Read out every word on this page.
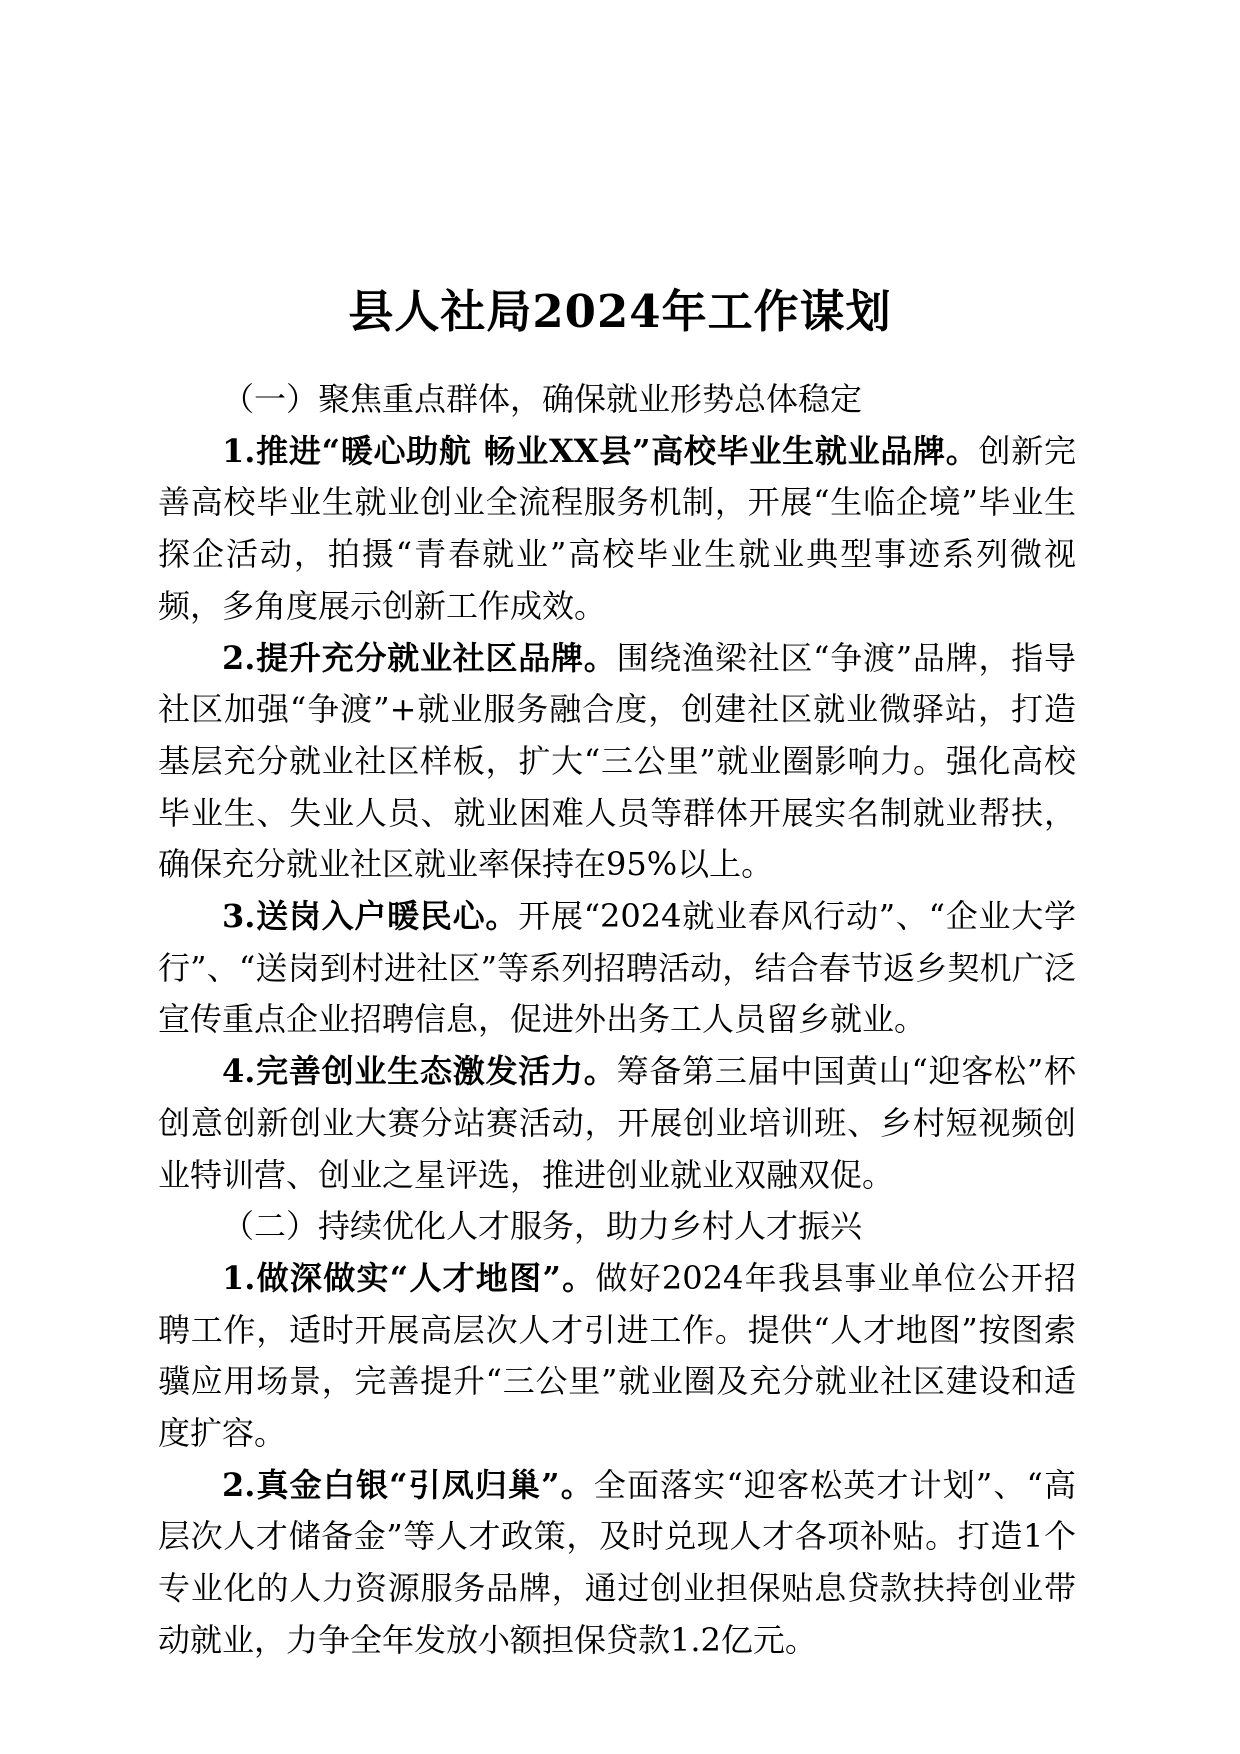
县人社局2024年工作谋划

（一）聚焦重点群体，确保就业形势总体稳定

1.推进“暖心助航 畅业XX县”高校毕业生就业品牌。创新完善高校毕业生就业创业全流程服务机制，开展“生临企境”毕业生探企活动，拍摄“青春就业”高校毕业生就业典型事迹系列微视频，多角度展示创新工作成效。

2.提升充分就业社区品牌。围绕渔梁社区“争渡”品牌，指导社区加强“争渡”+就业服务融合度，创建社区就业微驿站，打造基层充分就业社区样板，扩大“三公里”就业圈影响力。强化高校毕业生、失业人员、就业困难人员等群体开展实名制就业帮扶，确保充分就业社区就业率保持在95%以上。

3.送岗入户暖民心。开展“2024就业春风行动”、“企业大学行”、“送岗到村进社区”等系列招聘活动，结合春节返乡契机广泛宣传重点企业招聘信息，促进外出务工人员留乡就业。

4.完善创业生态激发活力。筹备第三届中国黄山“迎客松”杯创意创新创业大赛分站赛活动，开展创业培训班、乡村短视频创业特训营、创业之星评选，推进创业就业双融双促。

（二）持续优化人才服务，助力乡村人才振兴

1.做深做实“人才地图”。做好2024年我县事业单位公开招聘工作，适时开展高层次人才引进工作。提供“人才地图”按图索骥应用场景，完善提升“三公里”就业圈及充分就业社区建设和适度扩容。

2.真金白银“引凤归巢”。全面落实“迎客松英才计划”、“高层次人才储备金”等人才政策，及时兑现人才各项补贴。打造1个专业化的人力资源服务品牌，通过创业担保贴息贷款扶持创业带动就业，力争全年发放小额担保贷款1.2亿元。
